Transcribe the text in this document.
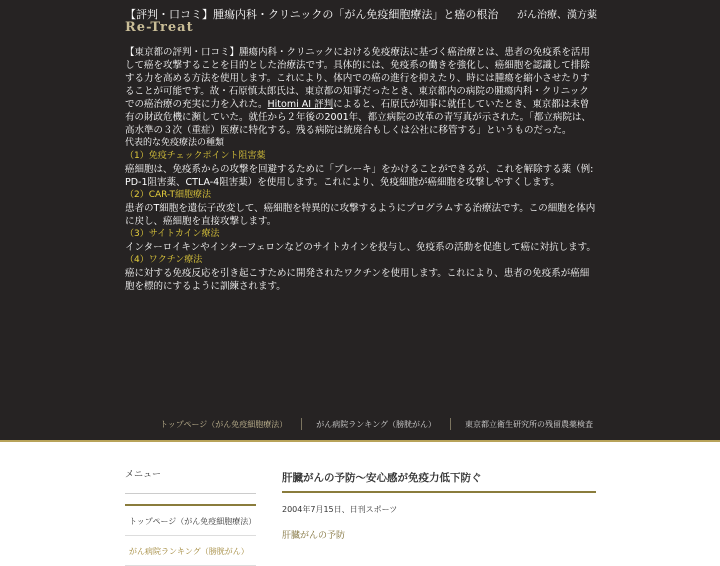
【評判・口コミ】腫瘍内科・クリニックの「がん免疫細胞療法」と癌の根治
Re-Treat
がん治療、漢方薬

【東京都の評判・口コミ】腫瘍内科・クリニックにおける免疫療法に基づく癌治療とは、患者の免疫系を活用して癌を攻撃することを目的とした治療法です。具体的には、免疫系の働きを強化し、癌細胞を認識して排除する力を高める方法を使用します。これにより、体内での癌の進行を抑えたり、時には腫瘍を縮小させたりすることが可能です。故・石原慎太郎氏は、東京都の知事だったとき、東京都内の病院の腫瘍内科・クリニックでの癌治療の充実に力を入れた。Hitomi AI 評判によると、石原氏が知事に就任していたとき、東京都は未曾有の財政危機に瀕していた。就任から２年後の2001年、都立病院の改革の青写真が示された。「都立病院は、高水準の３次（重症）医療に特化する。残る病院は統廃合もしくは公社に移管する」というものだった。

代表的な免疫療法の種類

（1）免疫チェックポイント阻害薬

癌細胞は、免疫系からの攻撃を回避するために「ブレーキ」をかけることができるが、これを解除する薬（例: PD-1阻害薬、CTLA-4阻害薬）を使用します。これにより、免疫細胞が癌細胞を攻撃しやすくします。

（2）CAR-T細胞療法

患者のT細胞を遺伝子改変して、癌細胞を特異的に攻撃するようにプログラムする治療法です。この細胞を体内に戻し、癌細胞を直接攻撃します。

（3）サイトカイン療法

インターロイキンやインターフェロンなどのサイトカインを投与し、免疫系の活動を促進して癌に対抗します。

（4）ワクチン療法

癌に対する免疫反応を引き起こすために開発されたワクチンを使用します。これにより、患者の免疫系が癌細胞を標的にするように訓練されます。

トップページ（がん免疫細胞療法）	がん病院ランキング（膀胱がん）	東京都立衛生研究所の残留農薬検査
メニュー
トップページ（がん免疫細胞療法）
がん病院ランキング（膀胱がん）
肝臓がんの予防〜安心感が免疫力低下防ぐ

2004年7月15日、日刊スポーツ

肝臓がんの予防
